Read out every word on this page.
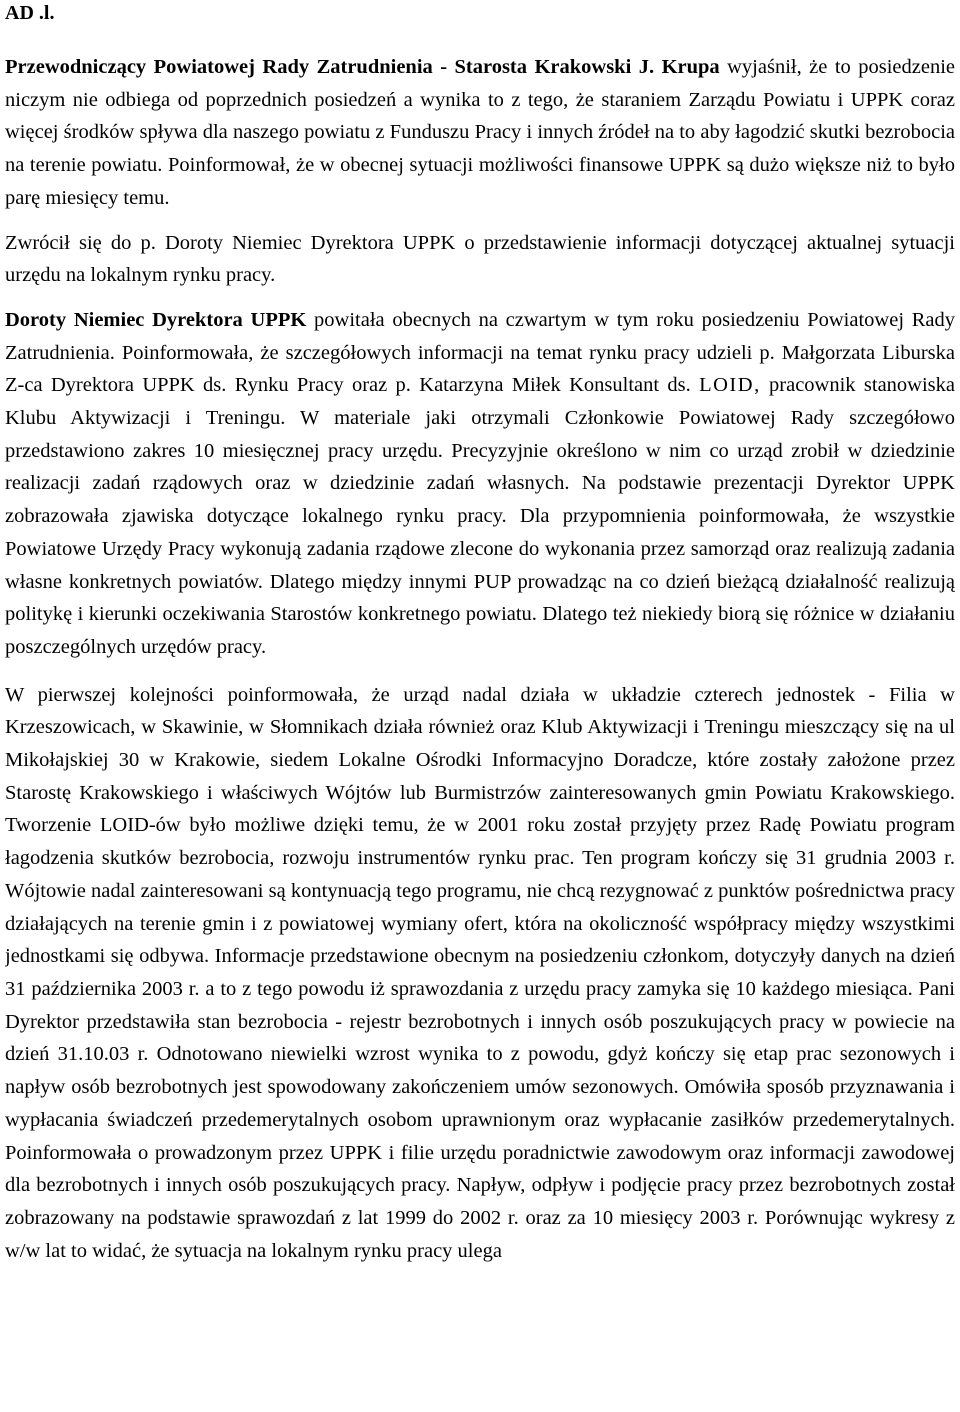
AD .l.

Przewodniczący Powiatowej Rady Zatrudnienia - Starosta Krakowski J. Krupa wyjaśnił, że to posiedzenie niczym nie odbiega od poprzednich posiedzeń a wynika to z tego, że staraniem Zarządu Powiatu i UPPK coraz więcej środków spływa dla naszego powiatu z Funduszu Pracy i innych źródeł na to aby łagodzić skutki bezrobocia na terenie powiatu. Poinformował, że w obecnej sytuacji możliwości finansowe UPPK są dużo większe niż to było parę miesięcy temu.

Zwrócił się do p. Doroty Niemiec Dyrektora UPPK o przedstawienie informacji dotyczącej aktualnej sytuacji urzędu na lokalnym rynku pracy.

Doroty Niemiec Dyrektora UPPK powitała obecnych na czwartym w tym roku posiedzeniu Powiatowej Rady Zatrudnienia. Poinformowała, że szczegółowych informacji na temat rynku pracy udzieli p. Małgorzata Liburska Z-ca Dyrektora UPPK ds. Rynku Pracy oraz p. Katarzyna Miłek Konsultant ds. LOID, pracownik stanowiska Klubu Aktywizacji i Treningu. W materiale jaki otrzymali Członkowie Powiatowej Rady szczegółowo przedstawiono zakres 10 miesięcznej pracy urzędu. Precyzyjnie określono w nim co urząd zrobił w dziedzinie realizacji zadań rządowych oraz w dziedzinie zadań własnych. Na podstawie prezentacji Dyrektor UPPK zobrazowała zjawiska dotyczące lokalnego rynku pracy. Dla przypomnienia poinformowała, że wszystkie Powiatowe Urzędy Pracy wykonują zadania rządowe zlecone do wykonania przez samorząd oraz realizują zadania własne konkretnych powiatów. Dlatego między innymi PUP prowadząc na co dzień bieżącą działalność realizują politykę i kierunki oczekiwania Starostów konkretnego powiatu. Dlatego też niekiedy biorą się różnice w działaniu poszczególnych urzędów pracy.

W pierwszej kolejności poinformowała, że urząd nadal działa w układzie czterech jednostek - Filia w Krzeszowicach, w Skawinie, w Słomnikach działa również oraz Klub Aktywizacji i Treningu mieszczący się na ul Mikołajskiej 30 w Krakowie, siedem Lokalne Ośrodki Informacyjno Doradcze, które zostały założone przez Starostę Krakowskiego i właściwych Wójtów lub Burmistrzów zainteresowanych gmin Powiatu Krakowskiego. Tworzenie LOID-ów było możliwe dzięki temu, że w 2001 roku został przyjęty przez Radę Powiatu program łagodzenia skutków bezrobocia, rozwoju instrumentów rynku prac. Ten program kończy się 31 grudnia 2003 r. Wójtowie nadal zainteresowani są kontynuacją tego programu, nie chcą rezygnować z punktów pośrednictwa pracy działających na terenie gmin i z powiatowej wymiany ofert, która na okoliczność współpracy między wszystkimi jednostkami się odbywa. Informacje przedstawione obecnym na posiedzeniu członkom, dotyczyły danych na dzień 31 października 2003 r. a to z tego powodu iż sprawozdania z urzędu pracy zamyka się 10 każdego miesiąca. Pani Dyrektor przedstawiła stan bezrobocia - rejestr bezrobotnych i innych osób poszukujących pracy w powiecie na dzień 31.10.03 r. Odnotowano niewielki wzrost wynika to z powodu, gdyż kończy się etap prac sezonowych i napływ osób bezrobotnych jest spowodowany zakończeniem umów sezonowych. Omówiła sposób przyznawania i wypłacania świadczeń przedemerytalnych osobom uprawnionym oraz wypłacanie zasiłków przedemerytalnych. Poinformowała o prowadzonym przez UPPK i filie urzędu poradnictwie zawodowym oraz informacji zawodowej dla bezrobotnych i innych osób poszukujących pracy. Napływ, odpływ i podjęcie pracy przez bezrobotnych został zobrazowany na podstawie sprawozdań z lat 1999 do 2002 r. oraz za 10 miesięcy 2003 r. Porównując wykresy z w/w lat to widać, że sytuacja na lokalnym rynku pracy ulega
